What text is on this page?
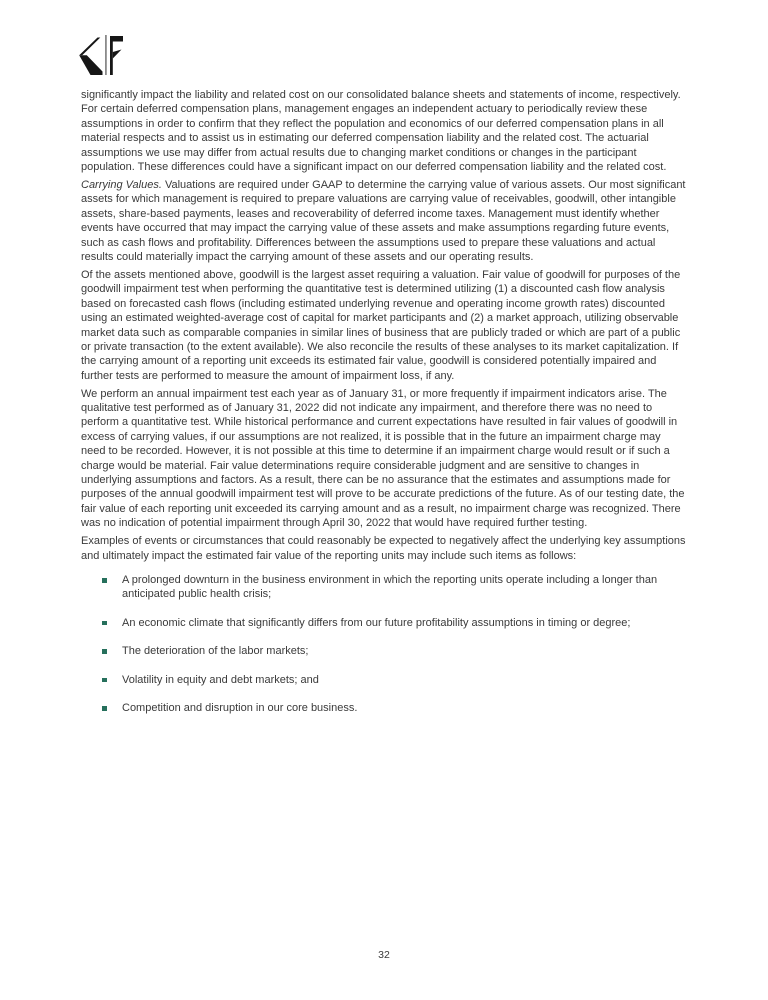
significantly impact the liability and related cost on our consolidated balance sheets and statements of income, respectively. For certain deferred compensation plans, management engages an independent actuary to periodically review these assumptions in order to confirm that they reflect the population and economics of our deferred compensation plans in all material respects and to assist us in estimating our deferred compensation liability and the related cost. The actuarial assumptions we use may differ from actual results due to changing market conditions or changes in the participant population. These differences could have a significant impact on our deferred compensation liability and the related cost.

Carrying Values. Valuations are required under GAAP to determine the carrying value of various assets. Our most significant assets for which management is required to prepare valuations are carrying value of receivables, goodwill, other intangible assets, share-based payments, leases and recoverability of deferred income taxes. Management must identify whether events have occurred that may impact the carrying value of these assets and make assumptions regarding future events, such as cash flows and profitability. Differences between the assumptions used to prepare these valuations and actual results could materially impact the carrying amount of these assets and our operating results.

Of the assets mentioned above, goodwill is the largest asset requiring a valuation. Fair value of goodwill for purposes of the goodwill impairment test when performing the quantitative test is determined utilizing (1) a discounted cash flow analysis based on forecasted cash flows (including estimated underlying revenue and operating income growth rates) discounted using an estimated weighted-average cost of capital for market participants and (2) a market approach, utilizing observable market data such as comparable companies in similar lines of business that are publicly traded or which are part of a public or private transaction (to the extent available). We also reconcile the results of these analyses to its market capitalization. If the carrying amount of a reporting unit exceeds its estimated fair value, goodwill is considered potentially impaired and further tests are performed to measure the amount of impairment loss, if any.

We perform an annual impairment test each year as of January 31, or more frequently if impairment indicators arise. The qualitative test performed as of January 31, 2022 did not indicate any impairment, and therefore there was no need to perform a quantitative test. While historical performance and current expectations have resulted in fair values of goodwill in excess of carrying values, if our assumptions are not realized, it is possible that in the future an impairment charge may need to be recorded. However, it is not possible at this time to determine if an impairment charge would result or if such a charge would be material. Fair value determinations require considerable judgment and are sensitive to changes in underlying assumptions and factors. As a result, there can be no assurance that the estimates and assumptions made for purposes of the annual goodwill impairment test will prove to be accurate predictions of the future. As of our testing date, the fair value of each reporting unit exceeded its carrying amount and as a result, no impairment charge was recognized. There was no indication of potential impairment through April 30, 2022 that would have required further testing.

Examples of events or circumstances that could reasonably be expected to negatively affect the underlying key assumptions and ultimately impact the estimated fair value of the reporting units may include such items as follows:

A prolonged downturn in the business environment in which the reporting units operate including a longer than anticipated public health crisis;
An economic climate that significantly differs from our future profitability assumptions in timing or degree;
The deterioration of the labor markets;
Volatility in equity and debt markets; and
Competition and disruption in our core business.
32
